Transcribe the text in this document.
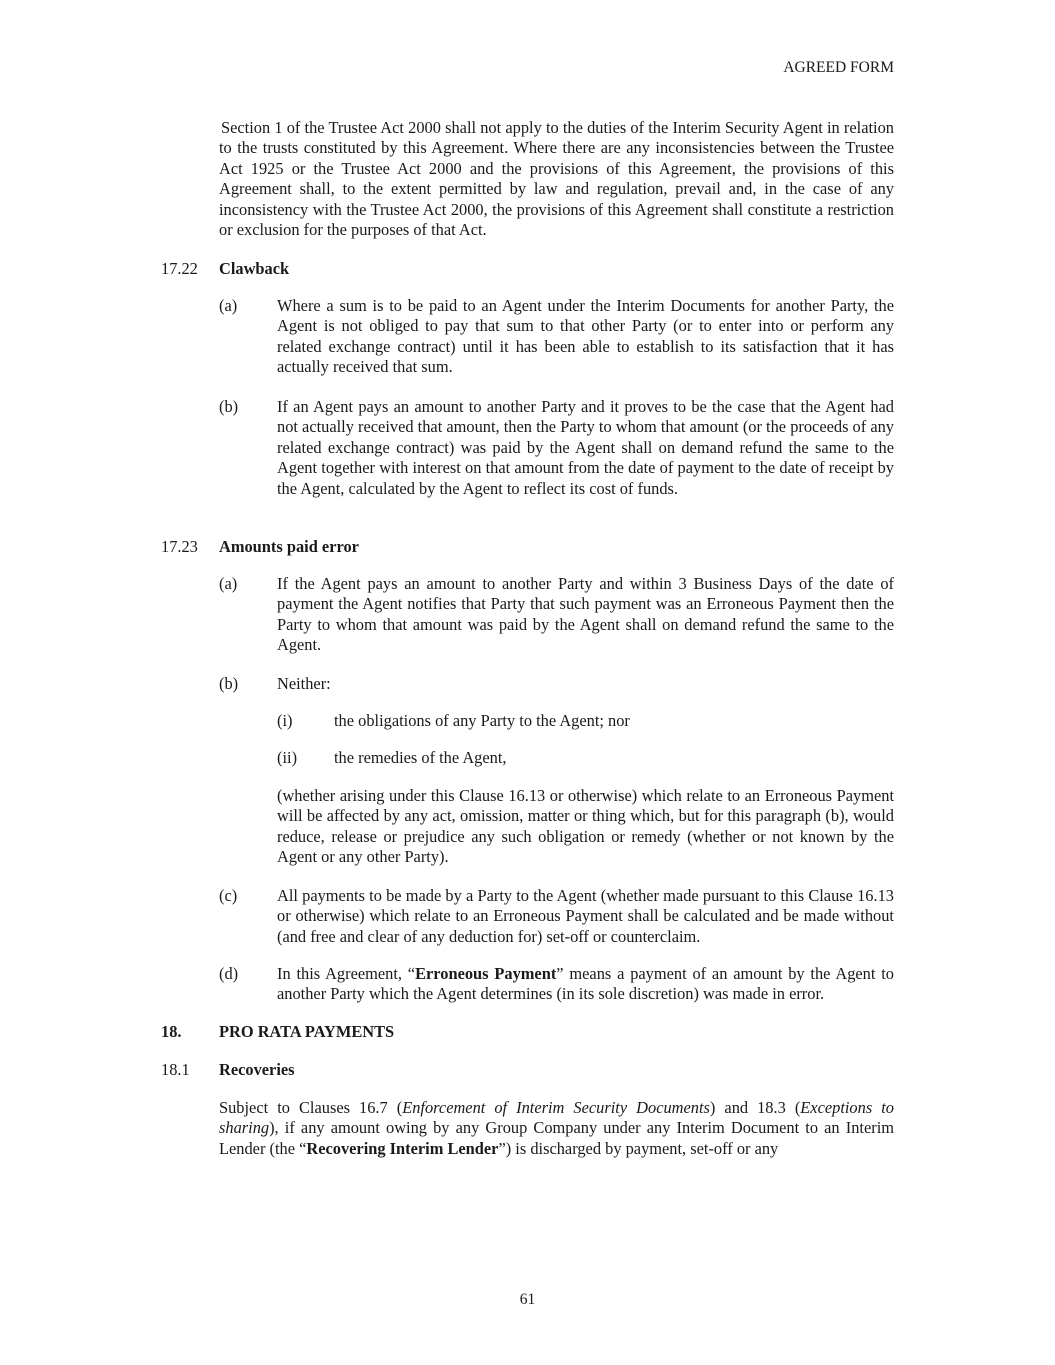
AGREED FORM
Section 1 of the Trustee Act 2000 shall not apply to the duties of the Interim Security Agent in relation to the trusts constituted by this Agreement. Where there are any inconsistencies between the Trustee Act 1925 or the Trustee Act 2000 and the provisions of this Agreement, the provisions of this Agreement shall, to the extent permitted by law and regulation, prevail and, in the case of any inconsistency with the Trustee Act 2000, the provisions of this Agreement shall constitute a restriction or exclusion for the purposes of that Act.
17.22 Clawback
(a) Where a sum is to be paid to an Agent under the Interim Documents for another Party, the Agent is not obliged to pay that sum to that other Party (or to enter into or perform any related exchange contract) until it has been able to establish to its satisfaction that it has actually received that sum.
(b) If an Agent pays an amount to another Party and it proves to be the case that the Agent had not actually received that amount, then the Party to whom that amount (or the proceeds of any related exchange contract) was paid by the Agent shall on demand refund the same to the Agent together with interest on that amount from the date of payment to the date of receipt by the Agent, calculated by the Agent to reflect its cost of funds.
17.23 Amounts paid error
(a) If the Agent pays an amount to another Party and within 3 Business Days of the date of payment the Agent notifies that Party that such payment was an Erroneous Payment then the Party to whom that amount was paid by the Agent shall on demand refund the same to the Agent.
(b) Neither:
(i)	the obligations of any Party to the Agent; nor
(ii) the remedies of the Agent,
(whether arising under this Clause 16.13 or otherwise) which relate to an Erroneous Payment will be affected by any act, omission, matter or thing which, but for this paragraph (b), would reduce, release or prejudice any such obligation or remedy (whether or not known by the Agent or any other Party).
(c) All payments to be made by a Party to the Agent (whether made pursuant to this Clause 16.13 or otherwise) which relate to an Erroneous Payment shall be calculated and be made without (and free and clear of any deduction for) set-off or counterclaim.
(d) In this Agreement, “Erroneous Payment” means a payment of an amount by the Agent to another Party which the Agent determines (in its sole discretion) was made in error.
18. PRO RATA PAYMENTS
18.1 Recoveries
Subject to Clauses 16.7 (Enforcement of Interim Security Documents) and 18.3 (Exceptions to sharing), if any amount owing by any Group Company under any Interim Document to an Interim Lender (the “Recovering Interim Lender”) is discharged by payment, set-off or any
61
